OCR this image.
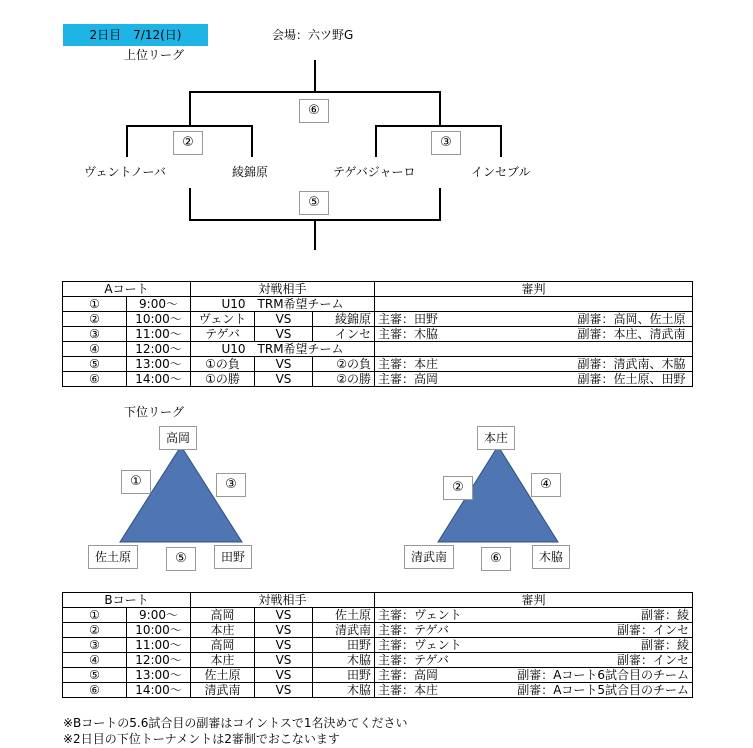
2日目　7/12(日)	会場：六ツ野G
上位リーグ
⑥
②	③
⑤
ヴェントノーバ	綾錦原	テゲバジャーロ	インセブル
Aコート		対戦相手			審判
①	9:00～	U10　TRM希望チーム			
②	10:00～	ヴェント	VS	綾錦原	主審：田野 副審：高岡、佐土原

③	11:00～	テゲバ	VS	インセ	主審：木脇 副審：本庄、清武南

④	12:00～	U10　TRM希望チーム			
⑤	13:00～	①の負	VS	②の負	主審：本庄 副審：清武南、木脇

⑥	14:00～	①の勝	VS	②の勝	主審：高岡 副審：佐土原、田野
下位リーグ
高岡
佐土原	田野
①	③
⑤
本庄
清武南	木脇
②	④
⑥
Bコート		対戦相手			審判
①	9:00～	高岡	VS	佐土原	主審：ヴェント 副審：綾

②	10:00～	本庄	VS	清武南	主審：テゲバ 副審：インセ

③	11:00～	高岡	VS	田野	主審：ヴェント 副審：綾

④	12:00～	本庄	VS	木脇	主審：テゲバ 副審：インセ

⑤	13:00～	佐土原	VS	田野	主審：高岡 副審：Aコート6試合目のチーム

⑥	14:00～	清武南	VS	木脇	主審：本庄 副審：Aコート5試合目のチーム
※Bコートの5.6試合目の副審はコイントスで1名決めてください
※2日目の下位トーナメントは2審制でおこないます
